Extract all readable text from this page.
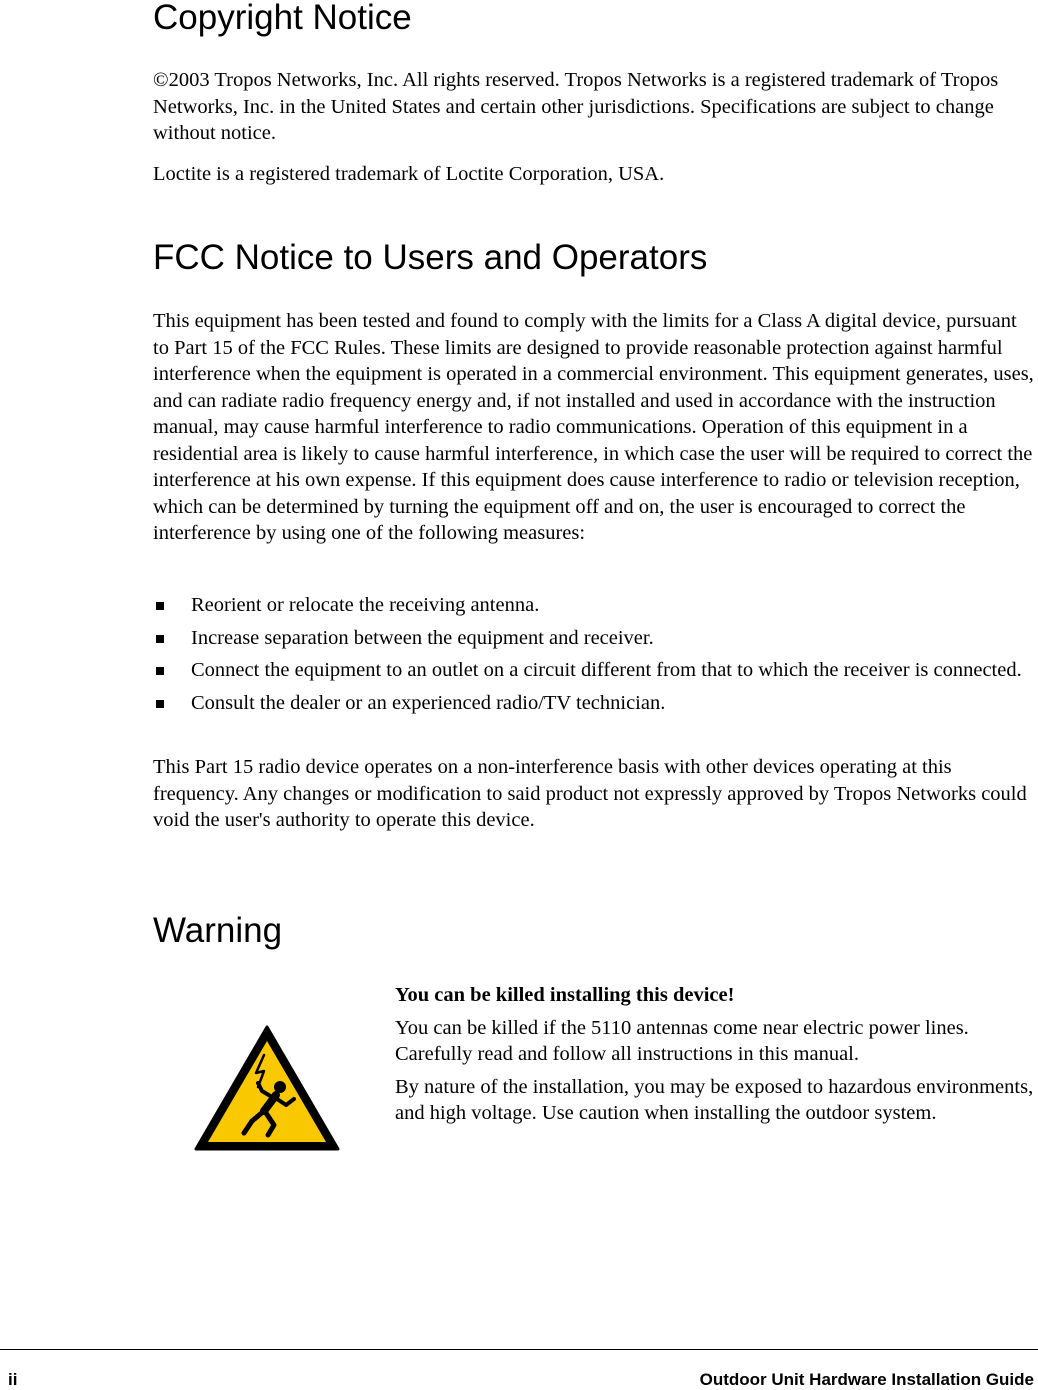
Copyright Notice

©2003 Tropos Networks, Inc. All rights reserved. Tropos Networks is a registered trademark of Tropos Networks, Inc. in the United States and certain other jurisdictions. Specifications are subject to change without notice.

Loctite is a registered trademark of Loctite Corporation, USA.

FCC Notice to Users and Operators

This equipment has been tested and found to comply with the limits for a Class A digital device, pursuant to Part 15 of the FCC Rules. These limits are designed to provide reasonable protection against harmful interference when the equipment is operated in a commercial environment. This equipment generates, uses, and can radiate radio frequency energy and, if not installed and used in accordance with the instruction manual, may cause harmful interference to radio communications. Operation of this equipment in a residential area is likely to cause harmful interference, in which case the user will be required to correct the interference at his own expense. If this equipment does cause interference to radio or television reception, which can be determined by turning the equipment off and on, the user is encouraged to correct the interference by using one of the following measures:

Reorient or relocate the receiving antenna.
Increase separation between the equipment and receiver.
Connect the equipment to an outlet on a circuit different from that to which the receiver is connected.
Consult the dealer or an experienced radio/TV technician.

This Part 15 radio device operates on a non-interference basis with other devices operating at this frequency. Any changes or modification to said product not expressly approved by Tropos Networks could void the user's authority to operate this device.

Warning

You can be killed installing this device!

You can be killed if the 5110 antennas come near electric power lines. Carefully read and follow all instructions in this manual.

By nature of the installation, you may be exposed to hazardous environments, and high voltage. Use caution when installing the outdoor system.

ii	Outdoor Unit Hardware Installation Guide
